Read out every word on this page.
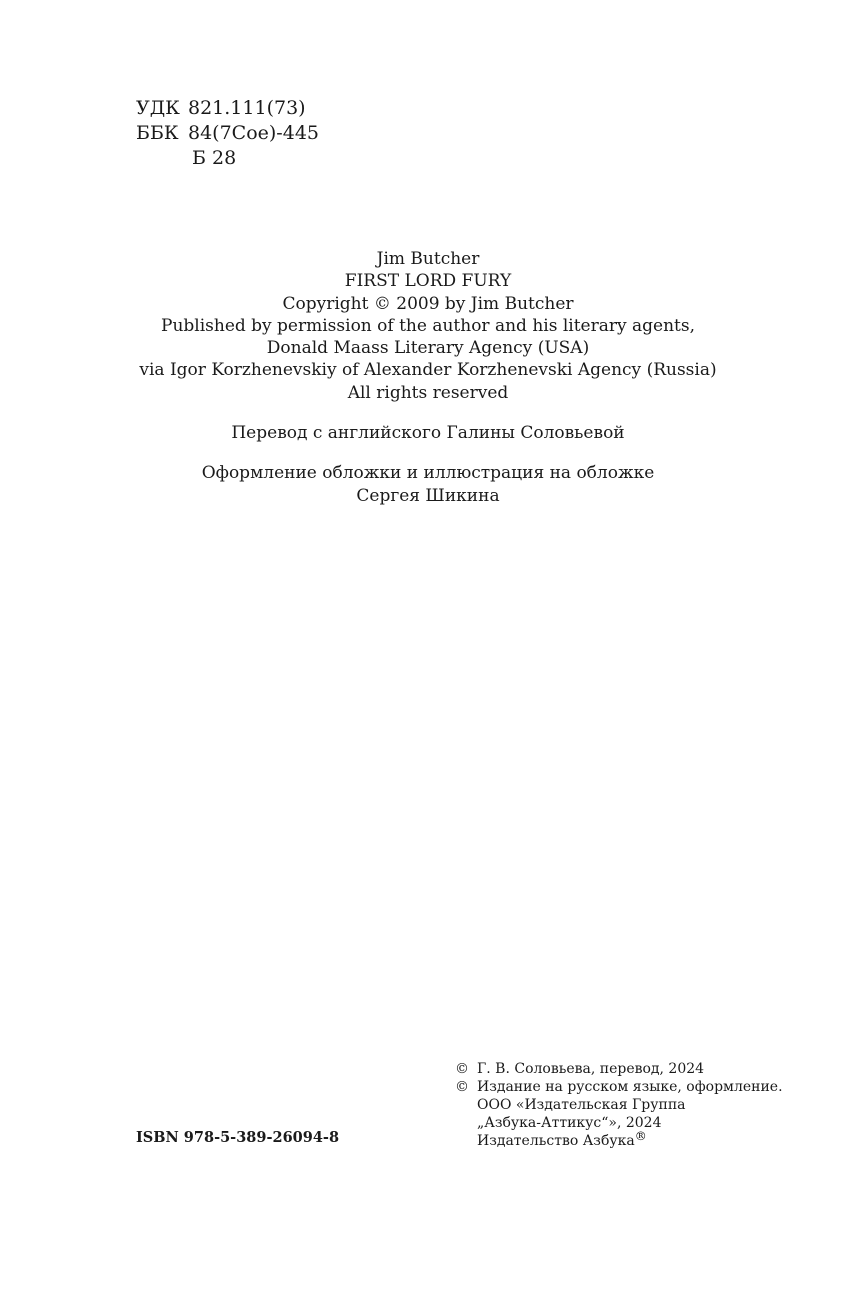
УДК 821.111(73)
ББК 84(7Сое)-445
Б 28
Jim Butcher
FIRST LORD FURY
Copyright © 2009 by Jim Butcher
Published by permission of the author and his literary agents,
Donald Maass Literary Agency (USA)
via Igor Korzhenevskiy of Alexander Korzhenevski Agency (Russia)
All rights reserved
Перевод с английского Галины Соловьевой
Оформление обложки и иллюстрация на обложке
Сергея Шикина
ISBN 978-5-389-26094-8
© Г. В. Соловьева, перевод, 2024
© Издание на русском языке, оформление.
ООО «Издательская Группа
„Азбука-Аттикус“», 2024
Издательство Азбука®
